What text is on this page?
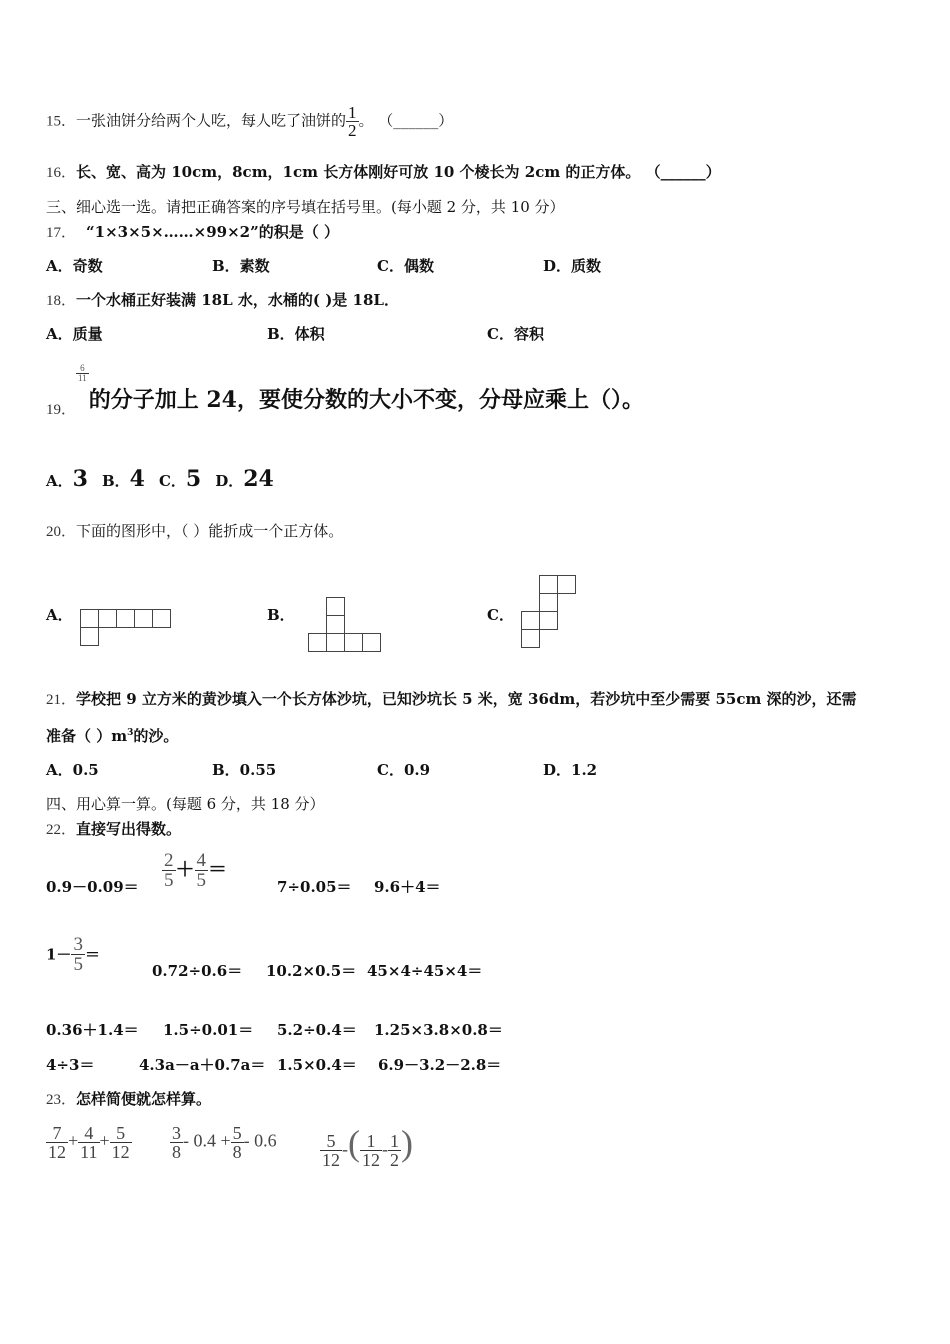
15．一张油饼分给两个人吃，每人吃了油饼的 $\frac{1}{2}$ 。 （______）
16．长、宽、高为 10cm，8cm，1cm 长方体刚好可放 10 个棱长为 2cm 的正方体。 （______）
三、细心选一选。请把正确答案的序号填在括号里。(每小题 2 分，共 10 分）
17． “1×3×5×……×99×2”的积是（ ）
A．奇数	B．素数	C．偶数	D．质数
18．一个水桶正好装满 18L 水，水桶的( )是 18L．
A．质量	B．体积	C．容积
19．
$\frac{6}{11}$
的分子加上 24，要使分数的大小不变，分母应乘上（）。
A．3 B．4 C．5 D．24
20．下面的图形中，（ ）能折成一个正方体。
A．	B．	C．
21．学校把 9 立方米的黄沙填入一个长方体沙坑，已知沙坑长 5 米，宽 36dm，若沙坑中至少需要 55cm 深的沙，还需
准备（ ）$m^3$的沙。
A．0.5	B．0.55	C．0.9	D．1.2
四、用心算一算。(每题 6 分，共 18 分）
22．直接写出得数。
$0.9-0.09= \frac{2}{5} + \frac{4}{5}$ ＝
7÷0.05＝ 9.6＋4＝
$1- \frac{3}{5}$ ＝
0.72÷0.6＝ 10.2×0.5＝ 45×4÷45×4＝
0.36＋1.4＝ 1.5÷0.01＝ 5.2÷0.4＝ 1.25×3.8×0.8＝
4÷3＝	4.3a－a＋0.7a＝ 1.5×0.4＝ 6.9－3.2－2.8＝
23．怎样简便就怎样算。
$\frac{7}{12} + \frac{4}{11} + \frac{5}{12} \frac{3}{8} - 0.4 + \frac{5}{8} - 0.6 \frac{5}{12}$ -( $\frac{1}{12} - \frac{1}{2}$ )
